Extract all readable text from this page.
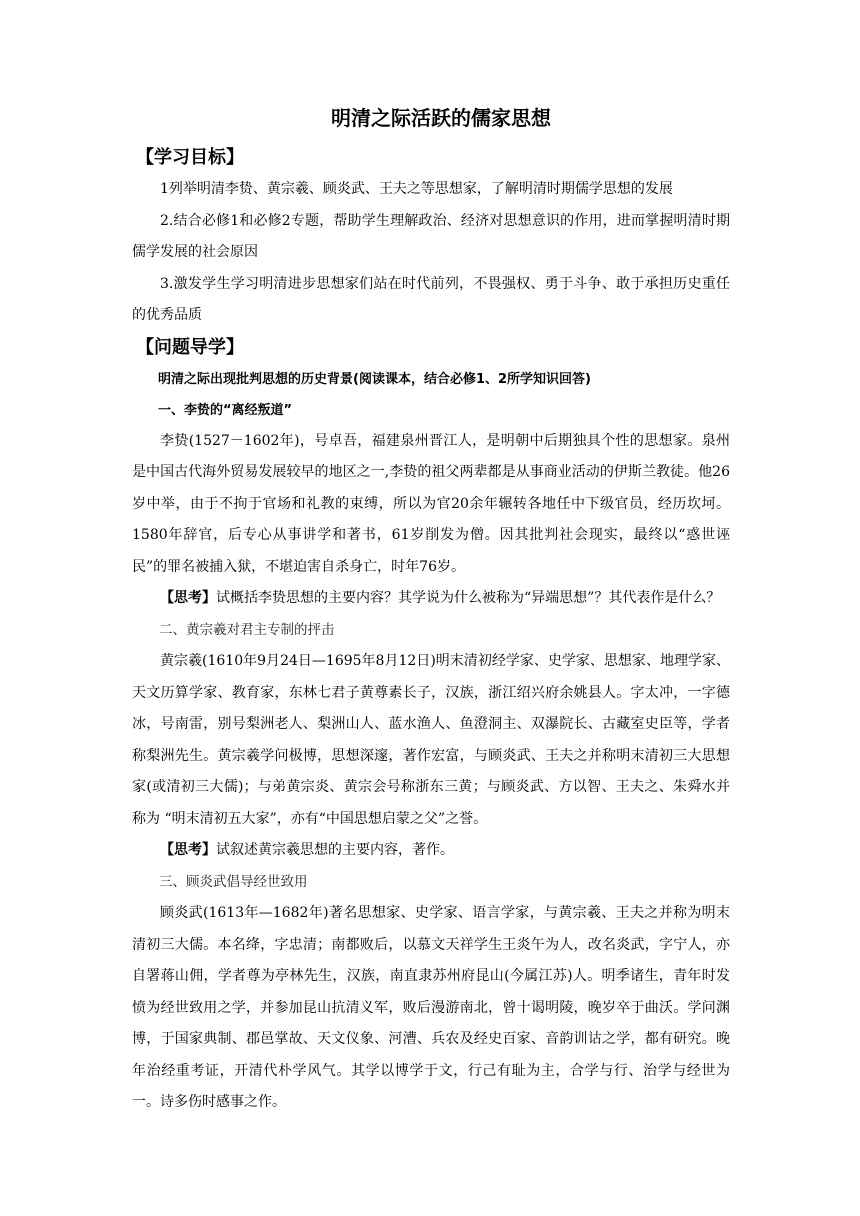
明清之际活跃的儒家思想
【学习目标】

1列举明清李贽、黄宗羲、顾炎武、王夫之等思想家，了解明清时期儒学思想的发展

2.结合必修1和必修2专题，帮助学生理解政治、经济对思想意识的作用，进而掌握明清时期儒学发展的社会原因

3.激发学生学习明清进步思想家们站在时代前列，不畏强权、勇于斗争、敢于承担历史重任的优秀品质

【问题导学】

明清之际出现批判思想的历史背景(阅读课本，结合必修1、2所学知识回答)

一、李贽的“离经叛道”

李贽(1527－1602年)，号卓吾，福建泉州晋江人，是明朝中后期独具个性的思想家。泉州是中国古代海外贸易发展较早的地区之一,李贽的祖父两辈都是从事商业活动的伊斯兰教徒。他26岁中举，由于不拘于官场和礼教的束缚，所以为官20余年辗转各地任中下级官员，经历坎坷。1580年辞官，后专心从事讲学和著书，61岁削发为僧。因其批判社会现实，最终以“惑世诬民”的罪名被捕入狱，不堪迫害自杀身亡，时年76岁。

【思考】试概括李贽思想的主要内容？其学说为什么被称为“异端思想”？其代表作是什么？

二、黄宗羲对君主专制的抨击

黄宗羲(1610年9月24日—1695年8月12日)明末清初经学家、史学家、思想家、地理学家、天文历算学家、教育家，东林七君子黄尊素长子，汉族，浙江绍兴府余姚县人。字太冲，一字德冰，号南雷，别号梨洲老人、梨洲山人、蓝水渔人、鱼澄洞主、双瀑院长、古藏室史臣等，学者称梨洲先生。黄宗羲学问极博，思想深邃，著作宏富，与顾炎武、王夫之并称明末清初三大思想家(或清初三大儒)；与弟黄宗炎、黄宗会号称浙东三黄；与顾炎武、方以智、王夫之、朱舜水并称为 “明末清初五大家”，亦有“中国思想启蒙之父”之誉。

【思考】试叙述黄宗羲思想的主要内容，著作。

三、顾炎武倡导经世致用

顾炎武(1613年—1682年)著名思想家、史学家、语言学家，与黄宗羲、王夫之并称为明末清初三大儒。本名绛，字忠清；南都败后，以慕文天祥学生王炎午为人，改名炎武，字宁人，亦自署蒋山佣，学者尊为亭林先生，汉族，南直隶苏州府昆山(今属江苏)人。明季诸生，青年时发愤为经世致用之学，并参加昆山抗清义军，败后漫游南北，曾十谒明陵，晚岁卒于曲沃。学问渊博，于国家典制、郡邑掌故、天文仪象、河漕、兵农及经史百家、音韵训诂之学，都有研究。晚年治经重考证，开清代朴学风气。其学以博学于文，行己有耻为主，合学与行、治学与经世为一。诗多伤时感事之作。
